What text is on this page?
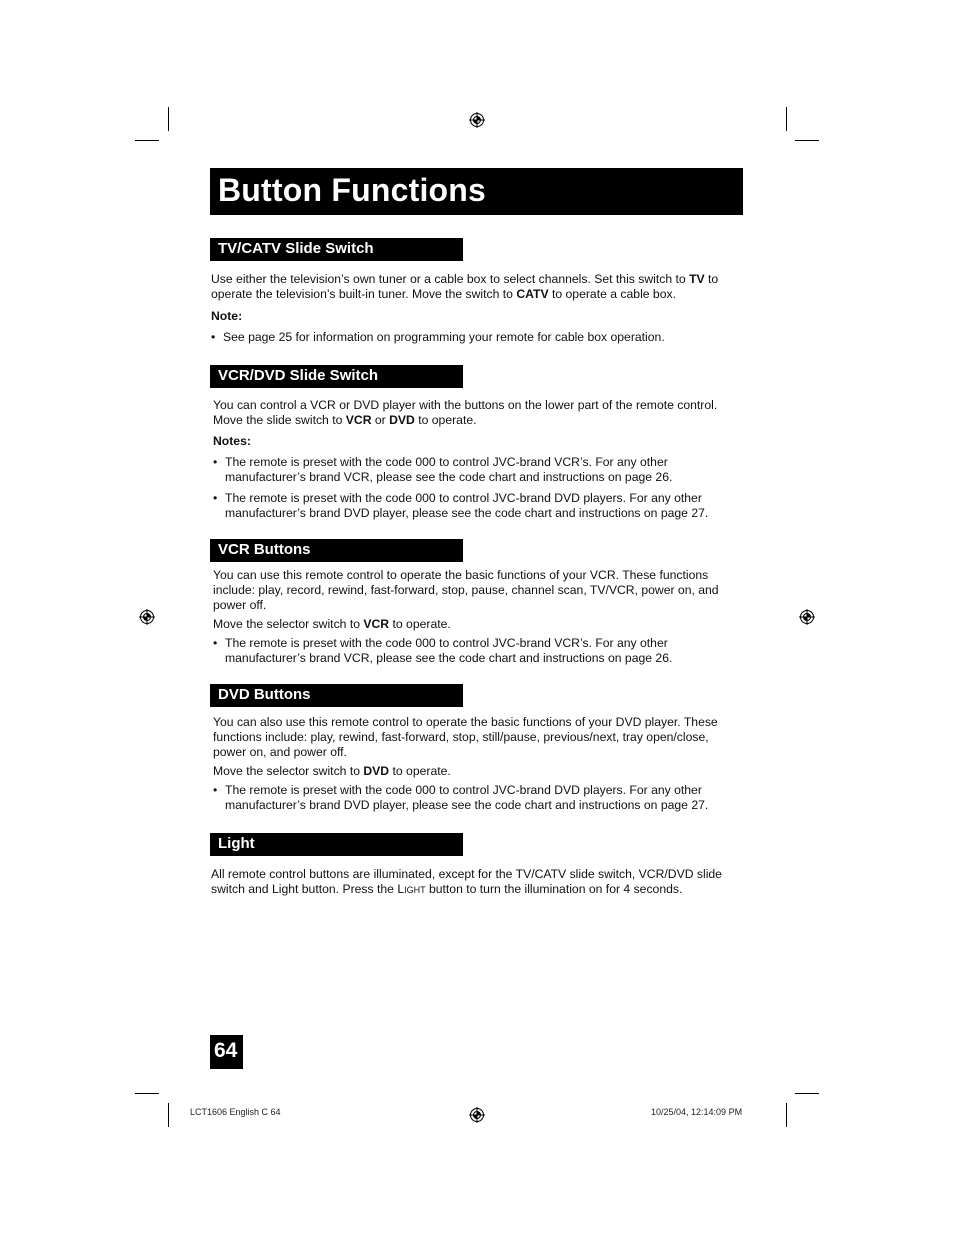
Button Functions
TV/CATV Slide Switch
Use either the television’s own tuner or a cable box to select channels. Set this switch to TV to operate the television’s built-in tuner. Move the switch to CATV to operate a cable box.
Note:
• See page 25 for information on programming your remote for cable box operation.
VCR/DVD Slide Switch
You can control a VCR or DVD player with the buttons on the lower part of the remote control. Move the slide switch to VCR or DVD to operate.
Notes:
• The remote is preset with the code 000 to control JVC-brand VCR’s. For any other manufacturer’s brand VCR, please see the code chart and instructions on page 26.
• The remote is preset with the code 000 to control JVC-brand DVD players. For any other manufacturer’s brand DVD player, please see the code chart and instructions on page 27.
VCR Buttons
You can use this remote control to operate the basic functions of your VCR. These functions include: play, record, rewind, fast-forward, stop, pause, channel scan, TV/VCR, power on, and power off.
Move the selector switch to VCR to operate.
• The remote is preset with the code 000 to control JVC-brand VCR’s. For any other manufacturer’s brand VCR, please see the code chart and instructions on page 26.
DVD Buttons
You can also use this remote control to operate the basic functions of your DVD player. These functions include: play, rewind, fast-forward, stop, still/pause, previous/next, tray open/close, power on, and power off.
Move the selector switch to DVD to operate.
• The remote is preset with the code 000 to control JVC-brand DVD players. For any other manufacturer’s brand DVD player, please see the code chart and instructions on page 27.
Light
All remote control buttons are illuminated, except for the TV/CATV slide switch, VCR/DVD slide switch and Light button. Press the Light button to turn the illumination on for 4 seconds.
64
LCT1606 English C 64	10/25/04, 12:14:09 PM
